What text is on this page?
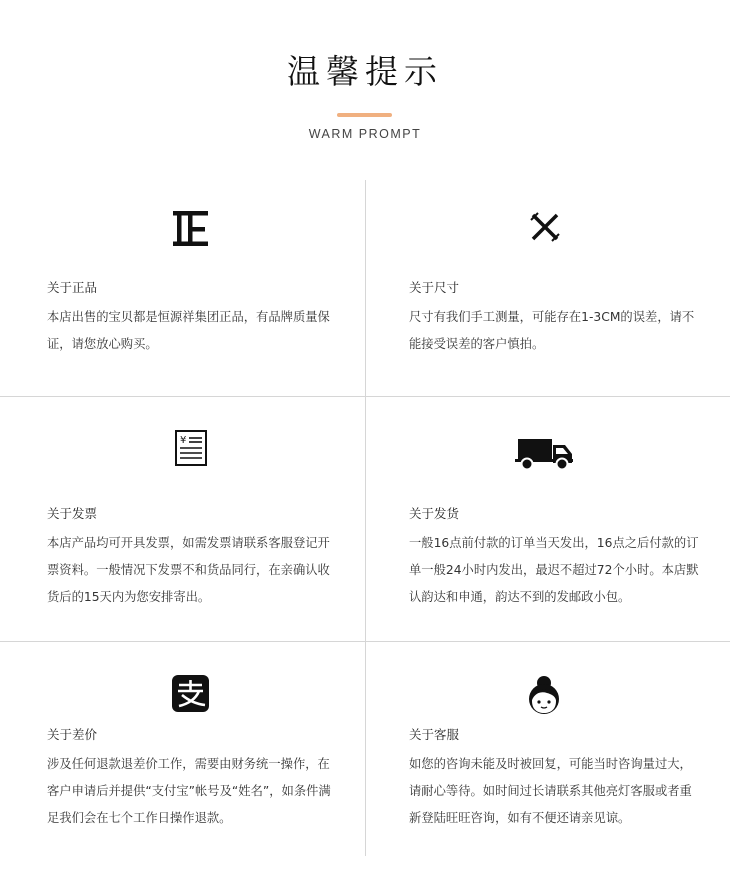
温馨提示
WARM PROMPT
关于正品
本店出售的宝贝都是恒源祥集团正品，有品牌质量保证，请您放心购买。
关于尺寸
尺寸有我们手工测量，可能存在1-3CM的误差，请不能接受误差的客户慎拍。
¥
关于发票
本店产品均可开具发票，如需发票请联系客服登记开票资料。一般情况下发票不和货品同行，在亲确认收货后的15天内为您安排寄出。
关于发货
一般16点前付款的订单当天发出，16点之后付款的订单一般24小时内发出，最迟不超过72个小时。本店默认韵达和申通，韵达不到的发邮政小包。
关于差价
涉及任何退款退差价工作，需要由财务统一操作，在客户申请后并提供“支付宝”帐号及“姓名”，如条件满足我们会在七个工作日操作退款。
关于客服
如您的咨询未能及时被回复，可能当时咨询量过大，请耐心等待。如时间过长请联系其他亮灯客服或者重新登陆旺旺咨询，如有不便还请亲见谅。
